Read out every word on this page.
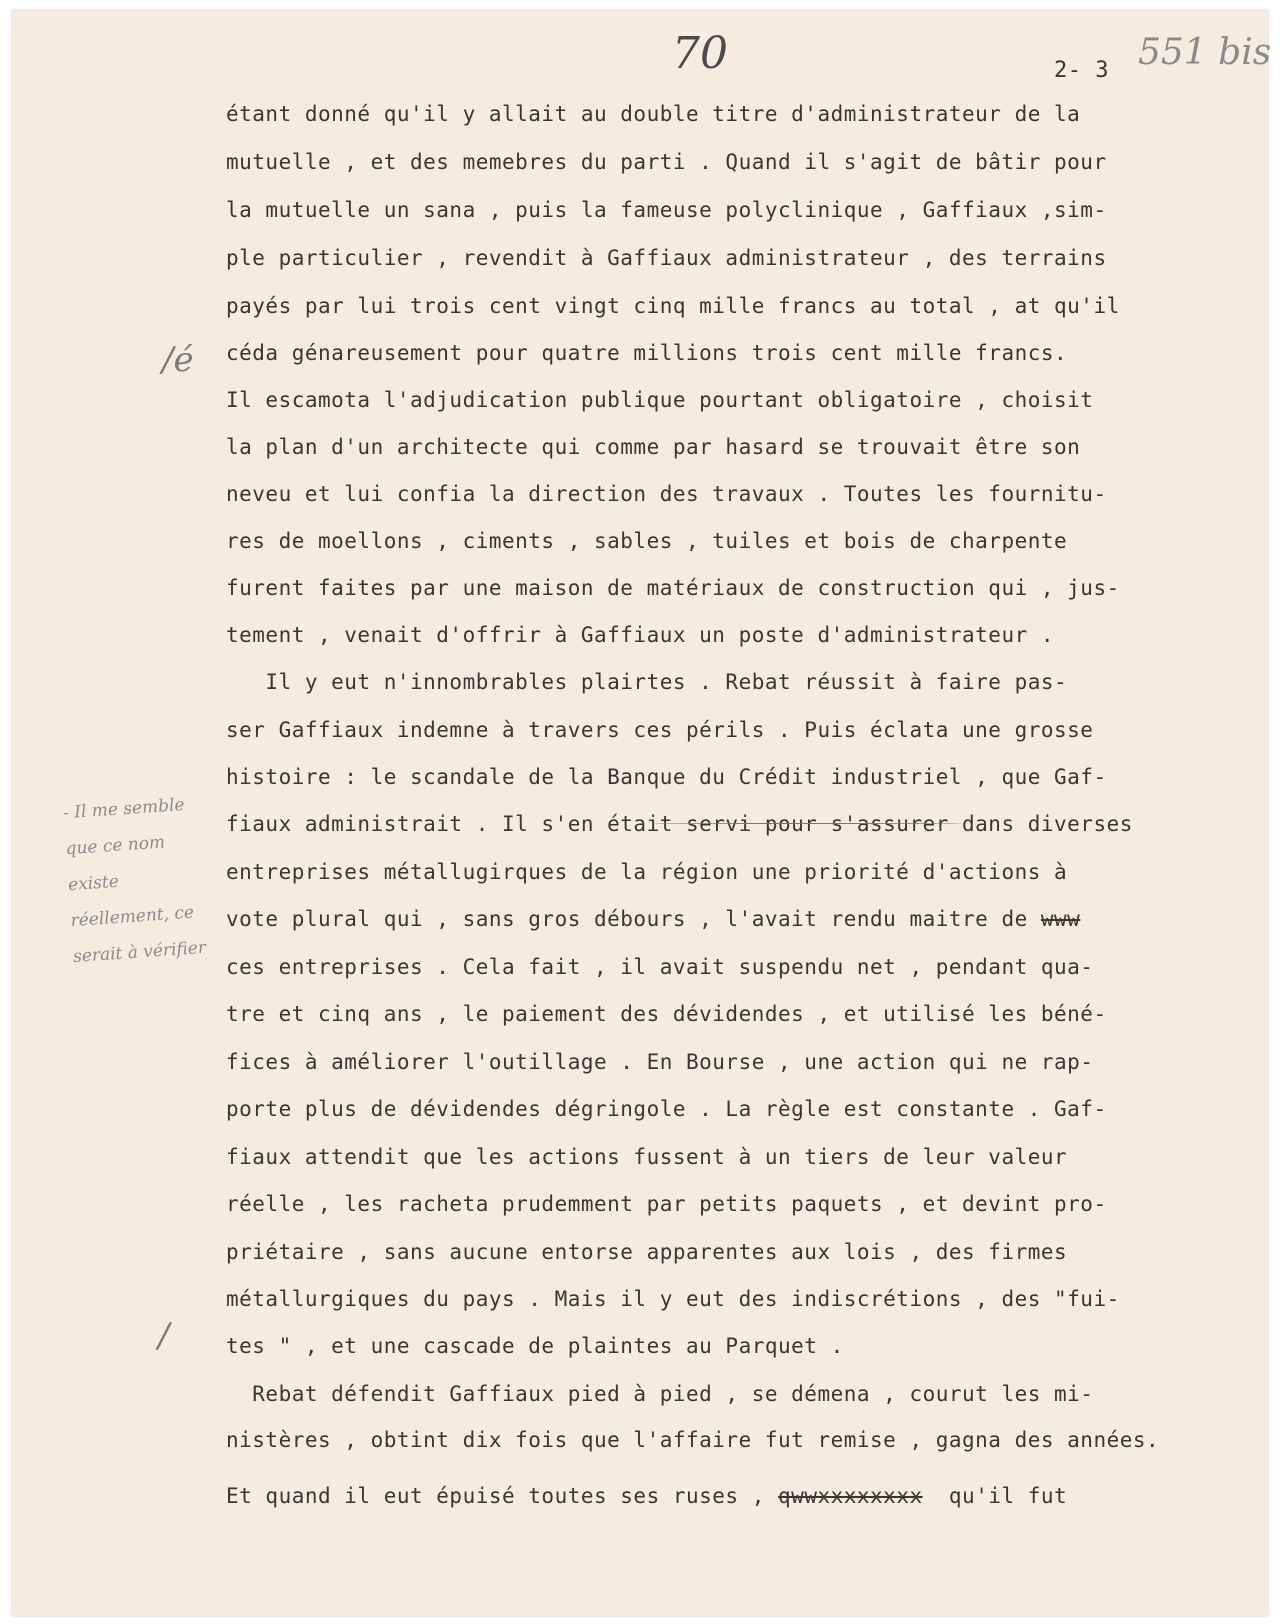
70	2- 3 551 bis
étant donné qu'il y allait au double titre d'administrateur de la
mutuelle , et des memebres du parti . Quand il s'agit de bâtir pour
la mutuelle un sana , puis la fameuse polyclinique , Gaffiaux ,sim-
ple particulier , revendit à Gaffiaux administrateur , des terrains
payés par lui trois cent vingt cinq mille francs au total , at qu'il
céda génareusement pour quatre millions trois cent mille francs.
Il escamota l'adjudication publique pourtant obligatoire , choisit
la plan d'un architecte qui comme par hasard se trouvait être son
neveu et lui confia la direction des travaux . Toutes les fournitu-
res de moellons , ciments , sables , tuiles et bois de charpente
furent faites par une maison de matériaux de construction qui , jus-
tement , venait d'offrir à Gaffiaux un poste d'administrateur .
Il y eut n'innombrables plairtes . Rebat réussit à faire pas-
ser Gaffiaux indemne à travers ces périls . Puis éclata une grosse
histoire : le scandale de la Banque du Crédit industriel , que Gaf-
fiaux administrait . Il s'en était servi pour s'assurer dans diverses
entreprises métallugirques de la région une priorité d'actions à
vote plural qui , sans gros débours , l'avait rendu maitre de www
ces entreprises . Cela fait , il avait suspendu net , pendant qua-
tre et cinq ans , le paiement des dévidendes , et utilisé les béné-
fices à améliorer l'outillage . En Bourse , une action qui ne rap-
porte plus de dévidendes dégringole . La règle est constante . Gaf-
fiaux attendit que les actions fussent à un tiers de leur valeur
réelle , les racheta prudemment par petits paquets , et devint pro-
priétaire , sans aucune entorse apparentes aux lois , des firmes
métallurgiques du pays . Mais il y eut des indiscrétions , des "fui-
tes " , et une cascade de plaintes au Parquet .
Rebat défendit Gaffiaux pied à pied , se démena , courut les mi-
nistères , obtint dix fois que l'affaire fut remise , gagna des années.
Et quand il eut épuisé toutes ses ruses , qwwxxxxxxxx qu'il fut
/é
/
- Il me semble que ce nom existe réellement, ce serait à vérifier
